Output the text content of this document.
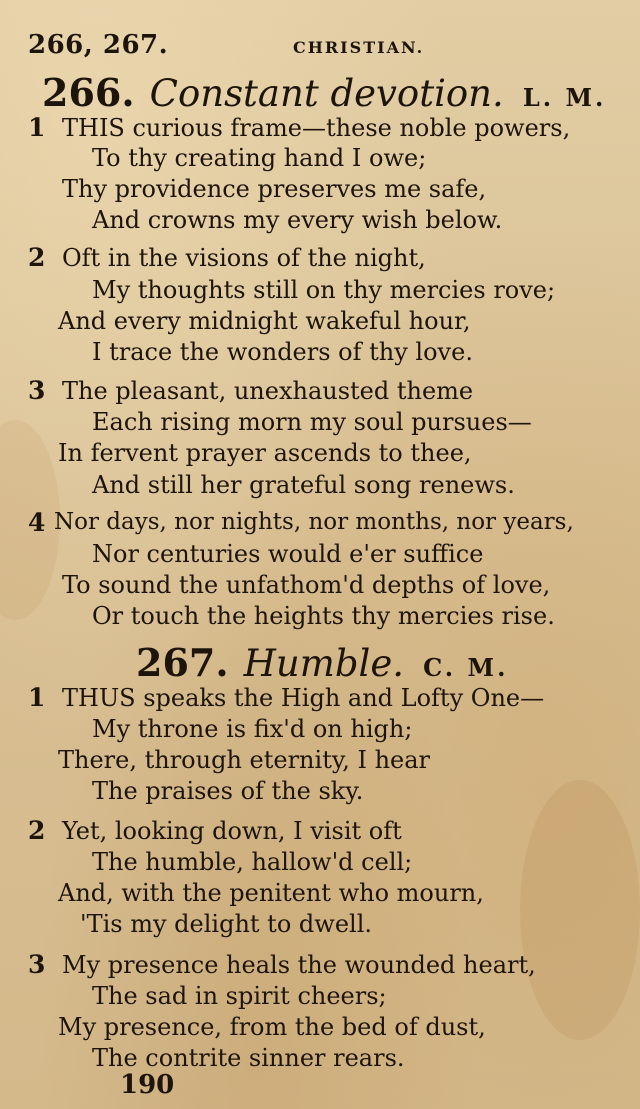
266, 267.	CHRISTIAN.
266. Constant devotion. L. M.
1 THIS curious frame—these noble powers,
To thy creating hand I owe;
Thy providence preserves me safe,
And crowns my every wish below.
2 Oft in the visions of the night,
My thoughts still on thy mercies rove;
And every midnight wakeful hour,
I trace the wonders of thy love.
3 The pleasant, unexhausted theme
Each rising morn my soul pursues—
In fervent prayer ascends to thee,
And still her grateful song renews.
4 Nor days, nor nights, nor months, nor years,
Nor centuries would e'er suffice
To sound the unfathom'd depths of love,
Or touch the heights thy mercies rise.
267. Humble. C. M.
1 THUS speaks the High and Lofty One—
My throne is fix'd on high;
There, through eternity, I hear
The praises of the sky.
2 Yet, looking down, I visit oft
The humble, hallow'd cell;
And, with the penitent who mourn,
'Tis my delight to dwell.
3 My presence heals the wounded heart,
The sad in spirit cheers;
My presence, from the bed of dust,
The contrite sinner rears.
190
